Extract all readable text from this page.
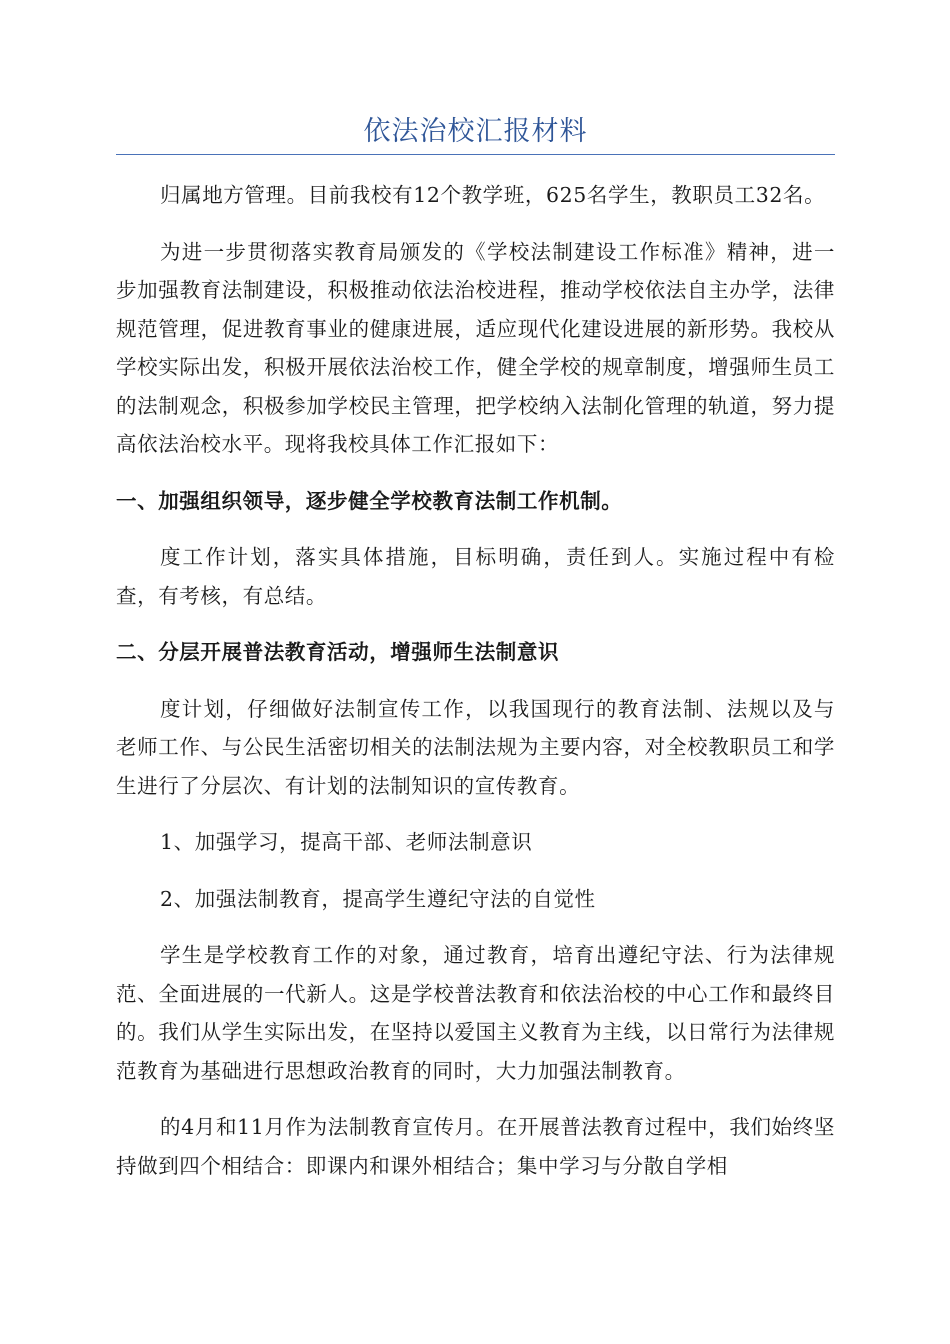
依法治校汇报材料

归属地方管理。目前我校有12个教学班，625名学生，教职员工32名。

为进一步贯彻落实教育局颁发的《学校法制建设工作标准》精神，进一步加强教育法制建设，积极推动依法治校进程，推动学校依法自主办学，法律规范管理，促进教育事业的健康进展，适应现代化建设进展的新形势。我校从学校实际出发，积极开展依法治校工作，健全学校的规章制度，增强师生员工的法制观念，积极参加学校民主管理，把学校纳入法制化管理的轨道，努力提高依法治校水平。现将我校具体工作汇报如下：

一、加强组织领导，逐步健全学校教育法制工作机制。

度工作计划，落实具体措施，目标明确，责任到人。实施过程中有检查，有考核，有总结。

二、分层开展普法教育活动，增强师生法制意识

度计划，仔细做好法制宣传工作，以我国现行的教育法制、法规以及与老师工作、与公民生活密切相关的法制法规为主要内容，对全校教职员工和学生进行了分层次、有计划的法制知识的宣传教育。

1、加强学习，提高干部、老师法制意识

2、加强法制教育，提高学生遵纪守法的自觉性

学生是学校教育工作的对象，通过教育，培育出遵纪守法、行为法律规范、全面进展的一代新人。这是学校普法教育和依法治校的中心工作和最终目的。我们从学生实际出发，在坚持以爱国主义教育为主线，以日常行为法律规范教育为基础进行思想政治教育的同时，大力加强法制教育。

的4月和11月作为法制教育宣传月。在开展普法教育过程中，我们始终坚持做到四个相结合：即课内和课外相结合；集中学习与分散自学相
